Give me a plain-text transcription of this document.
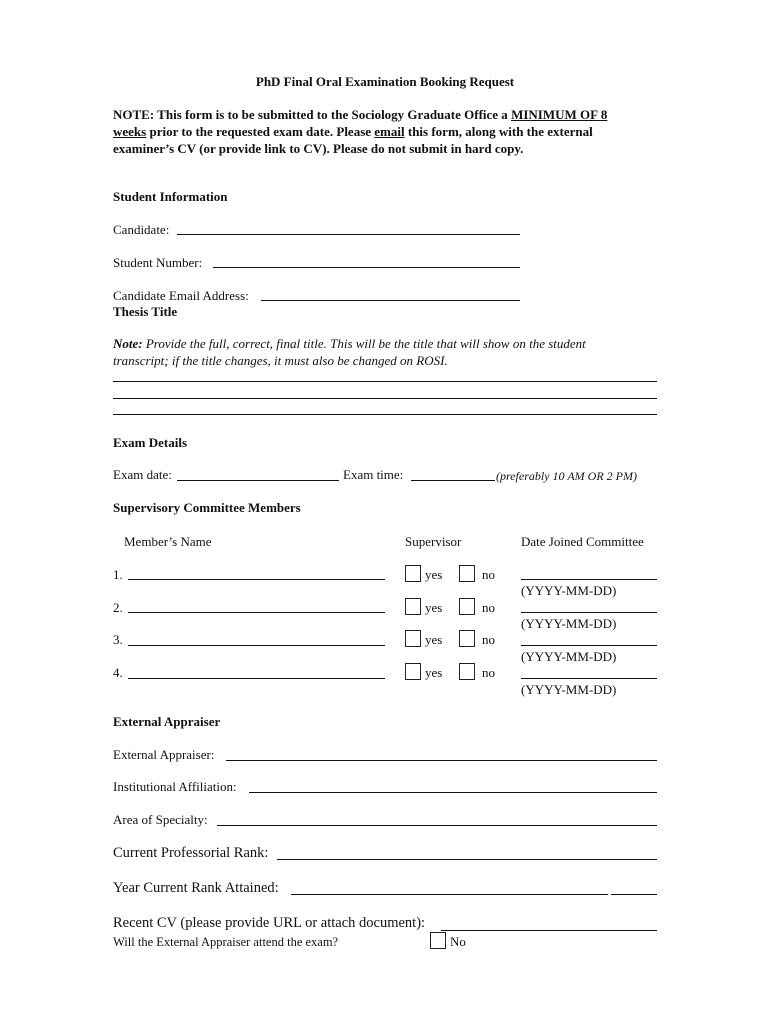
PhD Final Oral Examination Booking Request
NOTE: This form is to be submitted to the Sociology Graduate Office a MINIMUM OF 8
weeks prior to the requested exam date. Please email this form, along with the external
examiner’s CV (or provide link to CV). Please do not submit in hard copy.
Student Information
Candidate:
Student Number:
Candidate Email Address:
Thesis Title
Note: Provide the full, correct, final title. This will be the title that will show on the student
transcript; if the title changes, it must also be changed on ROSI.
Exam Details
Exam date:	Exam time:	(preferably 10 AM OR 2 PM)
Supervisory Committee Members
Member’s Name	Supervisor	Date Joined Committee
1.	yes	no
(YYYY-MM-DD)
2.	yes	no
(YYYY-MM-DD)
3.	yes	no
(YYYY-MM-DD)
4.	yes	no
(YYYY-MM-DD)
External Appraiser
External Appraiser:
Institutional Affiliation:
Area of Specialty:
Current Professorial Rank:
Year Current Rank Attained:
Recent CV (please provide URL or attach document):
Will the External Appraiser attend the exam?	No
